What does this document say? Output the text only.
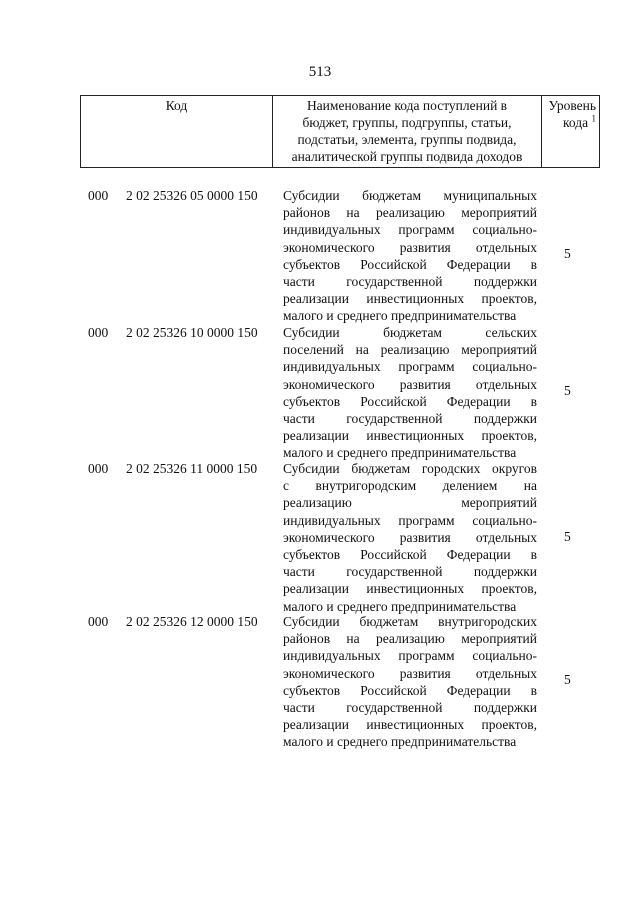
513
Код	Наименование кода поступлений в
бюджет, группы, подгруппы, статьи,
подстатьи, элемента, группы подвида,
аналитической группы подвида доходов	Уровень
кода $^1$
000 2 02 25326 05 0000 150 Субсидии бюджетам муниципальных
районов на реализацию мероприятий
индивидуальных программ социально-
экономического развития отдельных
субъектов Российской Федерации в
части государственной поддержки
реализации инвестиционных проектов,
малого и среднего предпринимательства
5
000 2 02 25326 10 0000 150 Субсидии бюджетам сельских
поселений на реализацию мероприятий
индивидуальных программ социально-
экономического развития отдельных
субъектов Российской Федерации в
части государственной поддержки
реализации инвестиционных проектов,
малого и среднего предпринимательства
5
000 2 02 25326 11 0000 150 Субсидии бюджетам городских округов
с внутригородским делением на
реализацию мероприятий
индивидуальных программ социально-
экономического развития отдельных
субъектов Российской Федерации в
части государственной поддержки
реализации инвестиционных проектов,
малого и среднего предпринимательства
5
000 2 02 25326 12 0000 150 Субсидии бюджетам внутригородских
районов на реализацию мероприятий
индивидуальных программ социально-
экономического развития отдельных
субъектов Российской Федерации в
части государственной поддержки
реализации инвестиционных проектов,
малого и среднего предпринимательства
5
